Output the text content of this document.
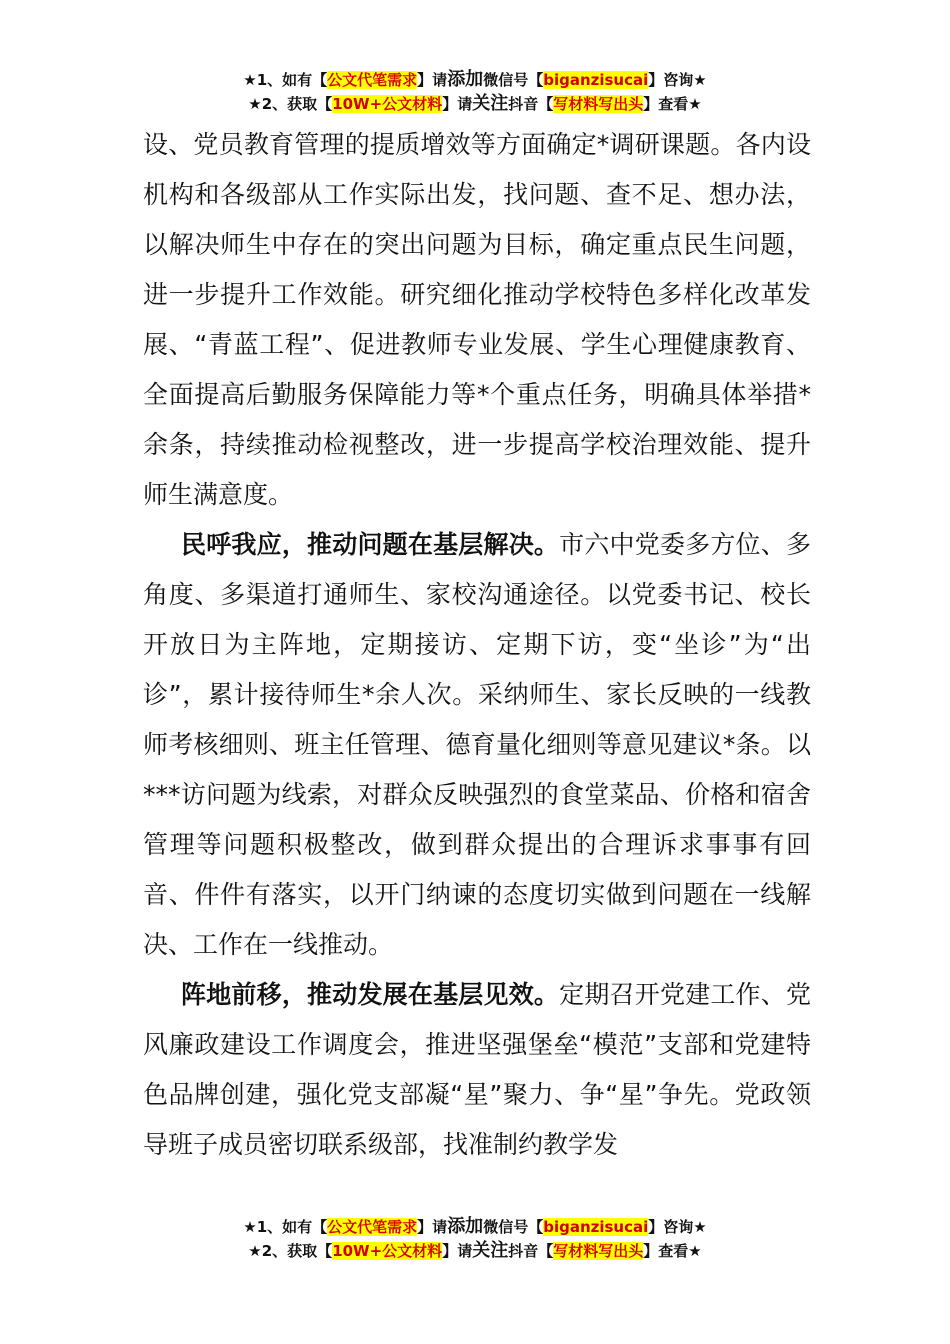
★1、如有【公文代笔需求】请添加微信号【biganzisucai】咨询★
★2、获取【10W+公文材料】请关注抖音【写材料写出头】查看★

设、党员教育管理的提质增效等方面确定*调研课题。各内设机构和各级部从工作实际出发，找问题、查不足、想办法，以解决师生中存在的突出问题为目标，确定重点民生问题，进一步提升工作效能。研究细化推动学校特色多样化改革发展、“青蓝工程”、促进教师专业发展、学生心理健康教育、全面提高后勤服务保障能力等*个重点任务，明确具体举措*余条，持续推动检视整改，进一步提高学校治理效能、提升师生满意度。

民呼我应，推动问题在基层解决。市六中党委多方位、多角度、多渠道打通师生、家校沟通途径。以党委书记、校长开放日为主阵地，定期接访、定期下访，变“坐诊”为“出诊”，累计接待师生*余人次。采纳师生、家长反映的一线教师考核细则、班主任管理、德育量化细则等意见建议*条。以***访问题为线索，对群众反映强烈的食堂菜品、价格和宿舍管理等问题积极整改，做到群众提出的合理诉求事事有回音、件件有落实，以开门纳谏的态度切实做到问题在一线解决、工作在一线推动。

阵地前移，推动发展在基层见效。定期召开党建工作、党风廉政建设工作调度会，推进坚强堡垒“模范”支部和党建特色品牌创建，强化党支部凝“星”聚力、争“星”争先。党政领导班子成员密切联系级部，找准制约教学发

★1、如有【公文代笔需求】请添加微信号【biganzisucai】咨询★
★2、获取【10W+公文材料】请关注抖音【写材料写出头】查看★
